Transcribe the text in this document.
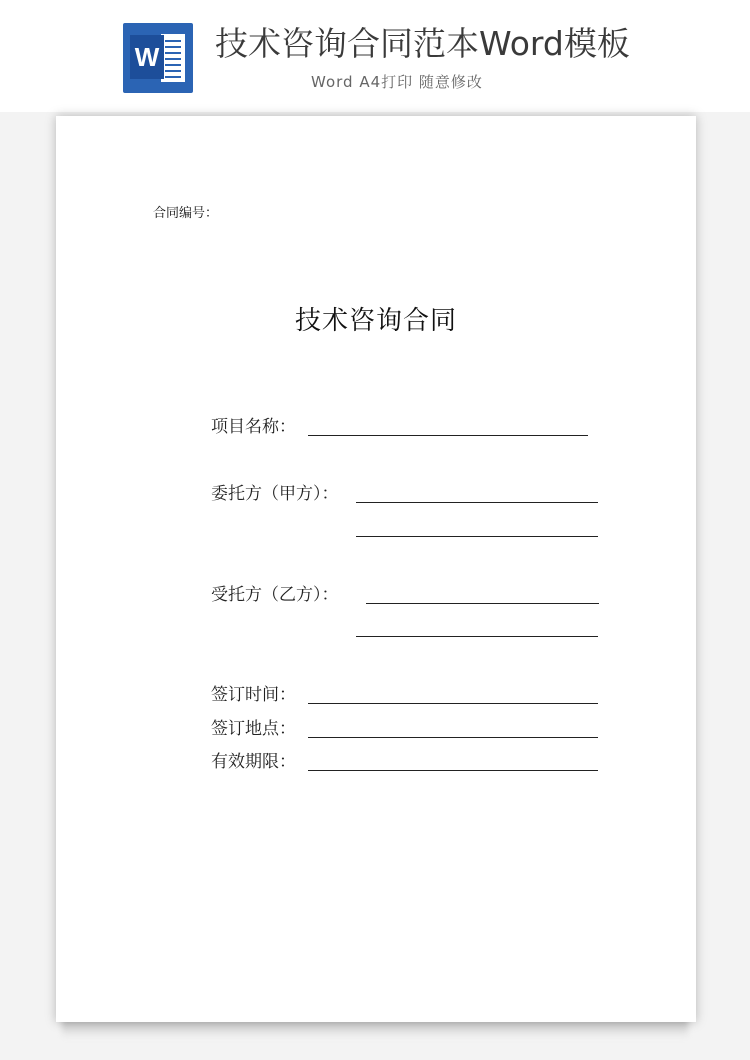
W 技术咨询合同范本Word模板
Word A4打印 随意修改
合同编号：
技术咨询合同
项目名称：
委托方（甲方）：
受托方（乙方）：
签订时间：
签订地点：
有效期限：
